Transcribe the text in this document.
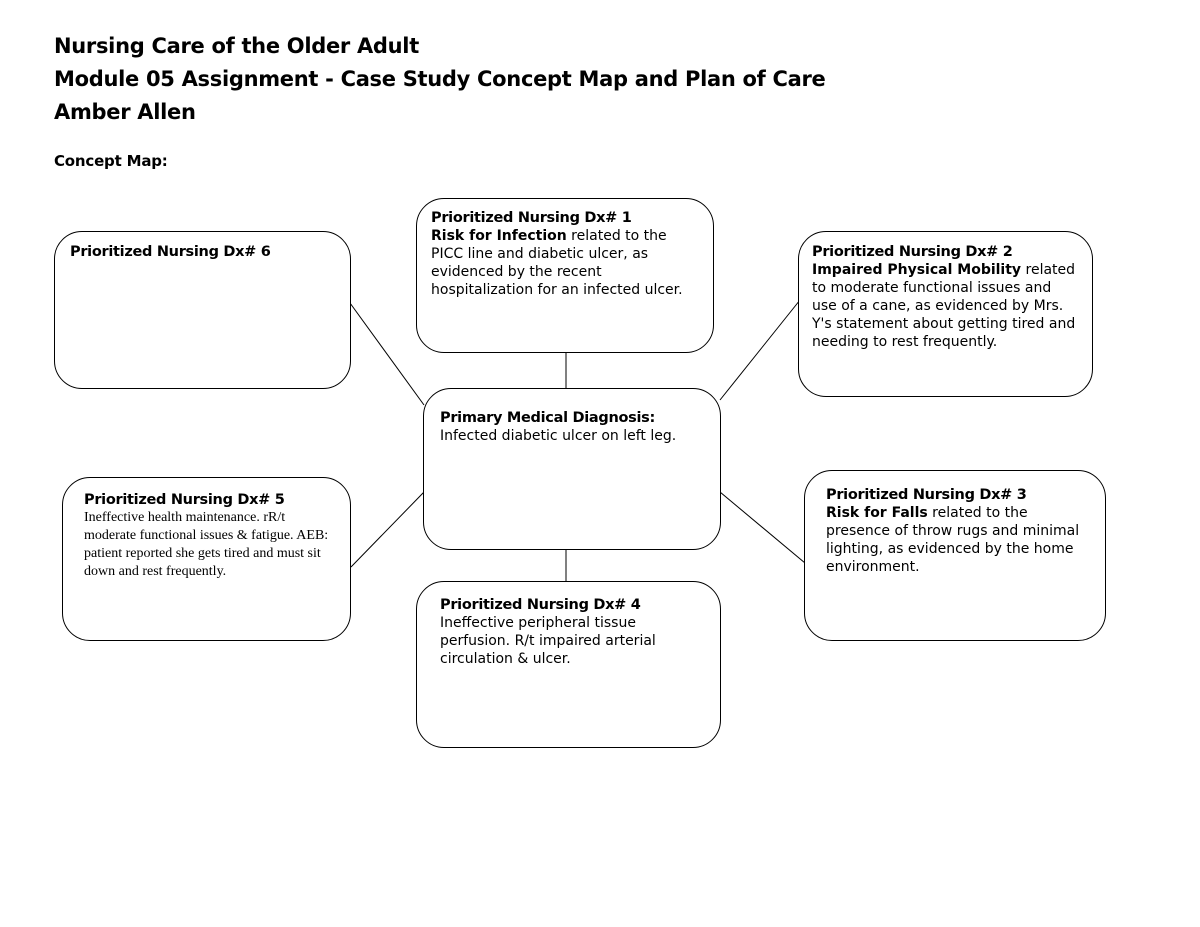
Nursing Care of the Older Adult
Module 05 Assignment - Case Study Concept Map and Plan of Care
Amber Allen
Concept Map:
Prioritized Nursing Dx# 1
Risk for Infection related to the PICC line and diabetic ulcer, as evidenced by the recent hospitalization for an infected ulcer.
Prioritized Nursing Dx# 6	Prioritized Nursing Dx# 2
Impaired Physical Mobility related to moderate functional issues and use of a cane, as evidenced by Mrs. Y's statement about getting tired and needing to rest frequently.
Primary Medical Diagnosis:
Infected diabetic ulcer on left leg.
Prioritized Nursing Dx# 5
Ineffective health maintenance. rR/t moderate functional issues & fatigue. AEB: patient reported she gets tired and must sit down and rest frequently.
Prioritized Nursing Dx# 3
Risk for Falls related to the presence of throw rugs and minimal lighting, as evidenced by the home environment.
Prioritized Nursing Dx# 4
Ineffective peripheral tissue perfusion. R/t impaired arterial circulation & ulcer.
